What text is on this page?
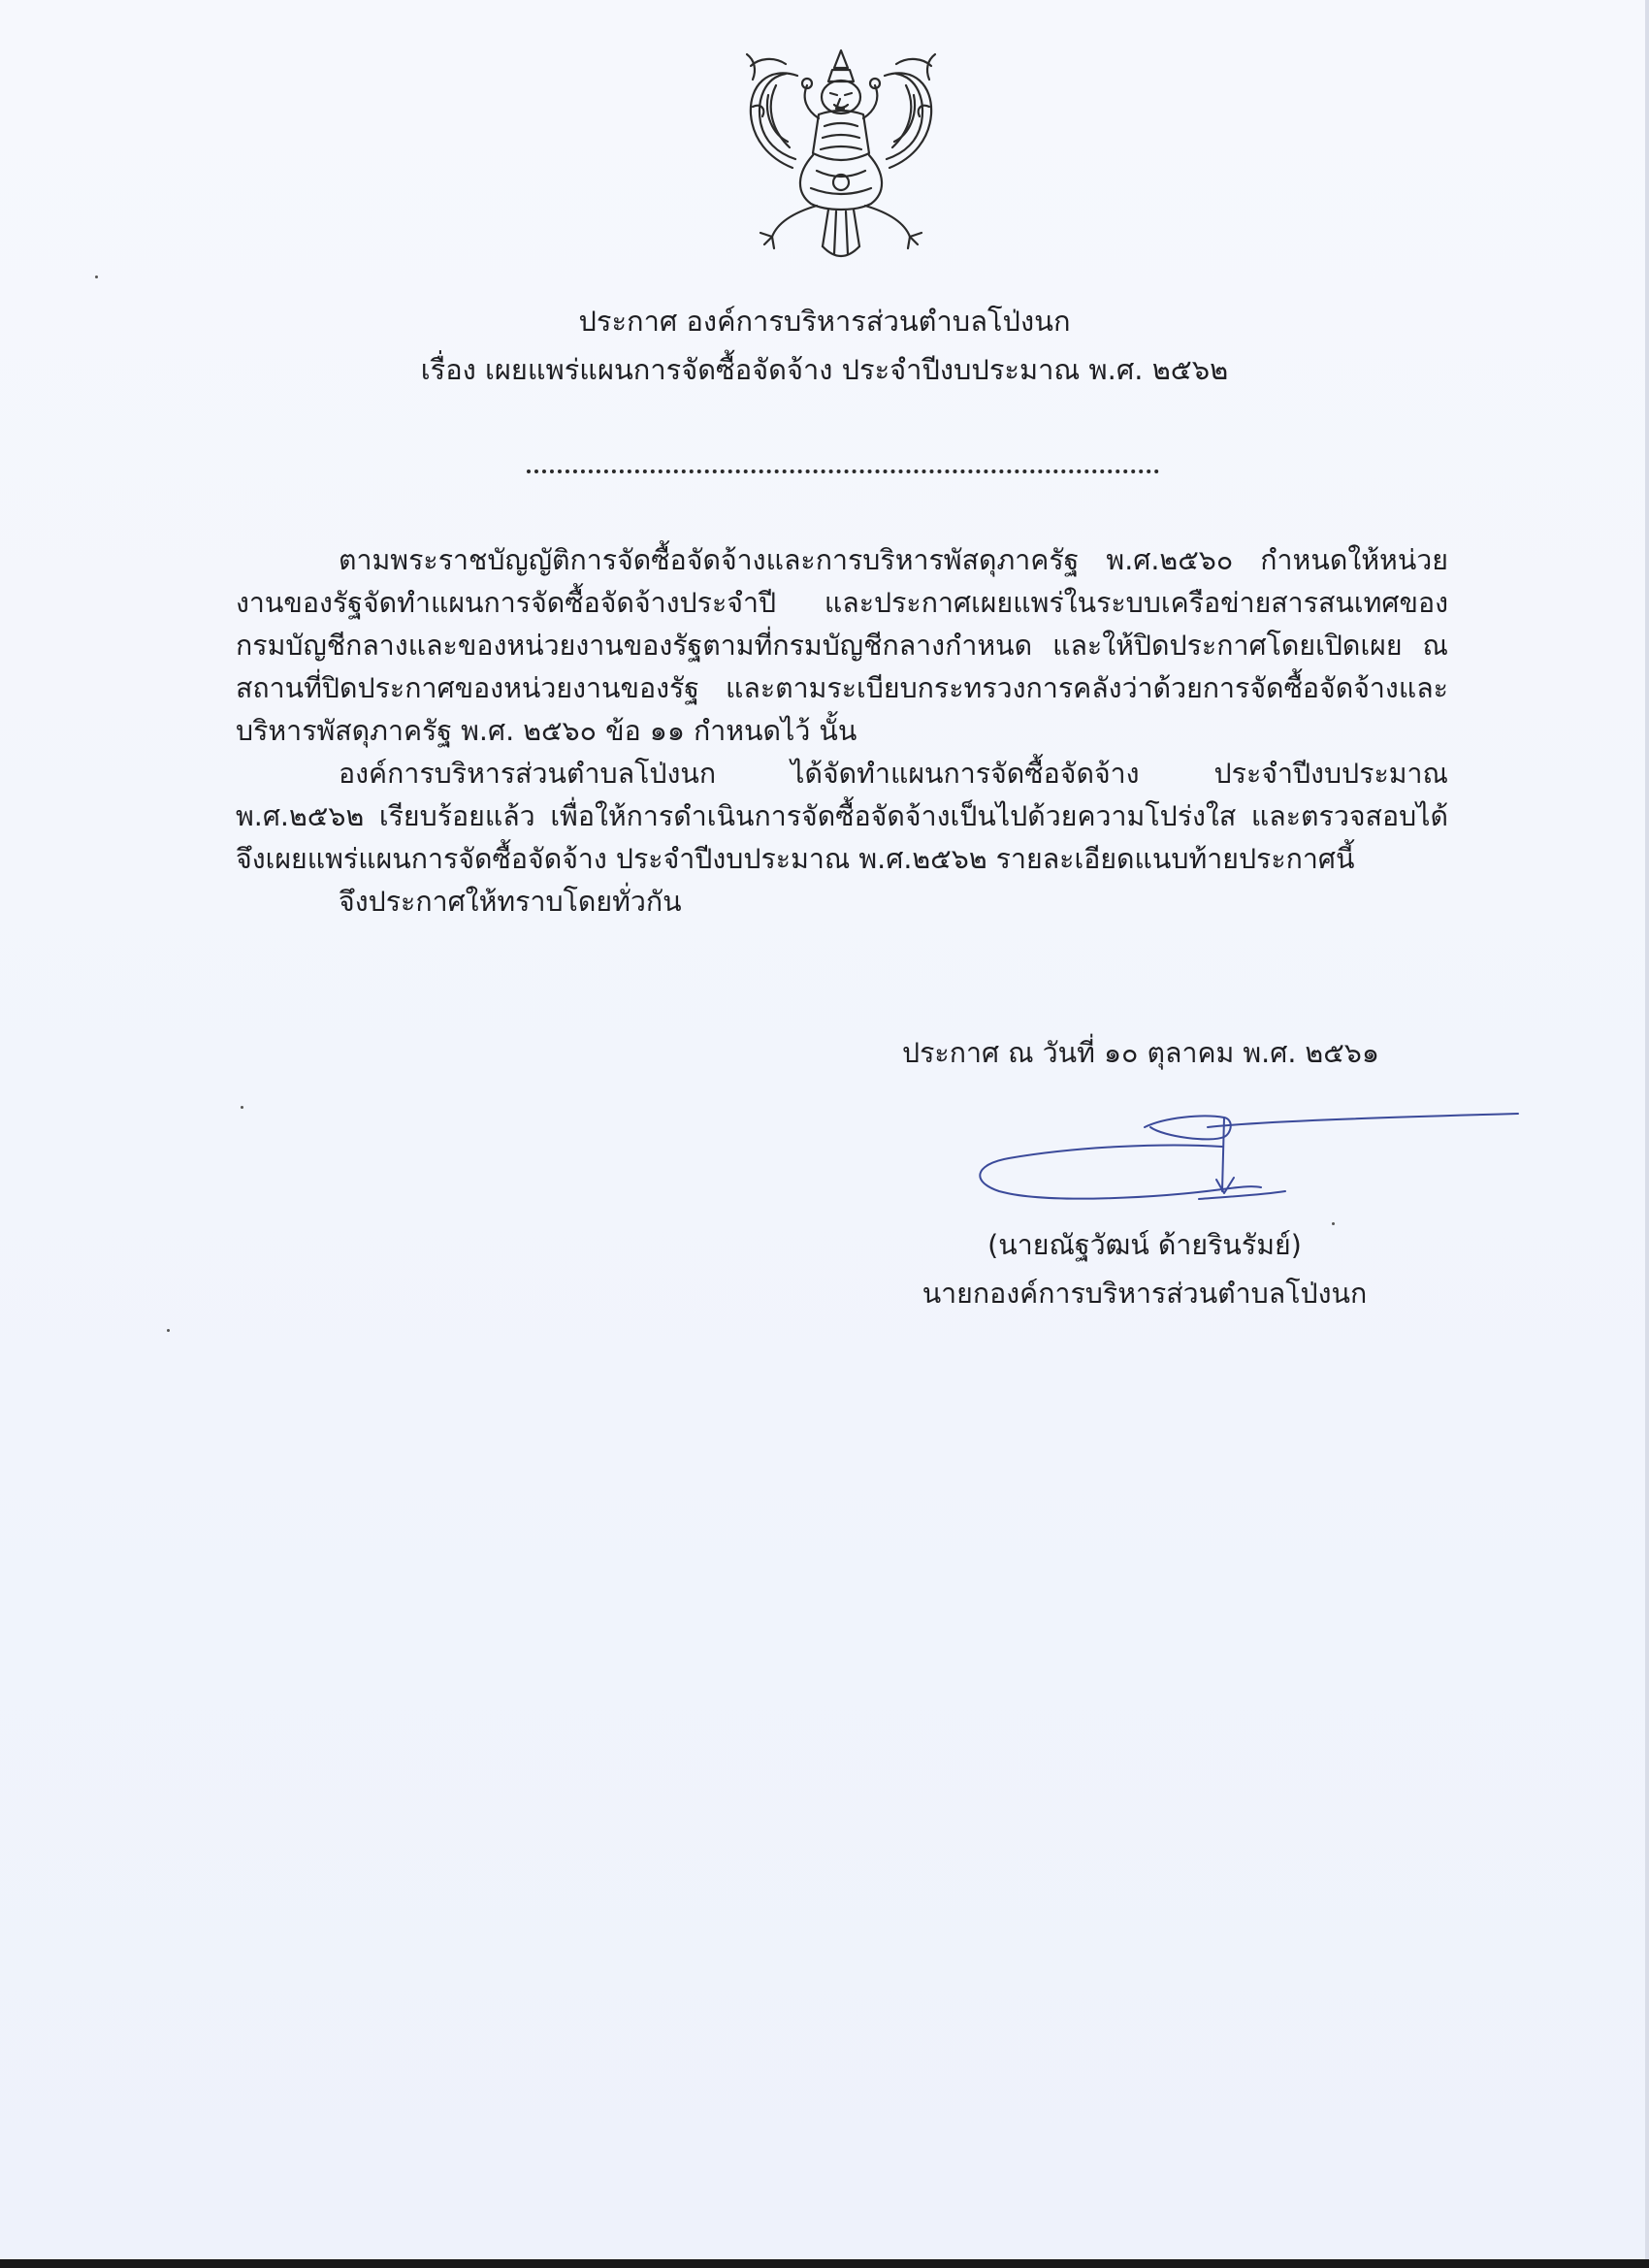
ประกาศ องค์การบริหารส่วนตำบลโป่งนก
เรื่อง เผยแพร่แผนการจัดซื้อจัดจ้าง ประจำปีงบประมาณ พ.ศ. ๒๕๖๒

ตามพระราชบัญญัติการจัดซื้อจัดจ้างและการบริหารพัสดุภาครัฐ พ.ศ.๒๕๖๐ กำหนดให้หน่วยงานของรัฐจัดทำแผนการจัดซื้อจัดจ้างประจำปี และประกาศเผยแพร่ในระบบเครือข่ายสารสนเทศของกรมบัญชีกลางและของหน่วยงานของรัฐตามที่กรมบัญชีกลางกำหนด และให้ปิดประกาศโดยเปิดเผย ณ สถานที่ปิดประกาศของหน่วยงานของรัฐ และตามระเบียบกระทรวงการคลังว่าด้วยการจัดซื้อจัดจ้างและบริหารพัสดุภาครัฐ พ.ศ. ๒๕๖๐ ข้อ ๑๑ กำหนดไว้ นั้น

องค์การบริหารส่วนตำบลโป่งนก ได้จัดทำแผนการจัดซื้อจัดจ้าง ประจำปีงบประมาณ พ.ศ.๒๕๖๒ เรียบร้อยแล้ว เพื่อให้การดำเนินการจัดซื้อจัดจ้างเป็นไปด้วยความโปร่งใส และตรวจสอบได้จึงเผยแพร่แผนการจัดซื้อจัดจ้าง ประจำปีงบประมาณ พ.ศ.๒๕๖๒ รายละเอียดแนบท้ายประกาศนี้

จึงประกาศให้ทราบโดยทั่วกัน

ประกาศ ณ วันที่ ๑๐ ตุลาคม พ.ศ. ๒๕๖๑
(นายณัฐวัฒน์ ด้ายรินรัมย์)
นายกองค์การบริหารส่วนตำบลโป่งนก
